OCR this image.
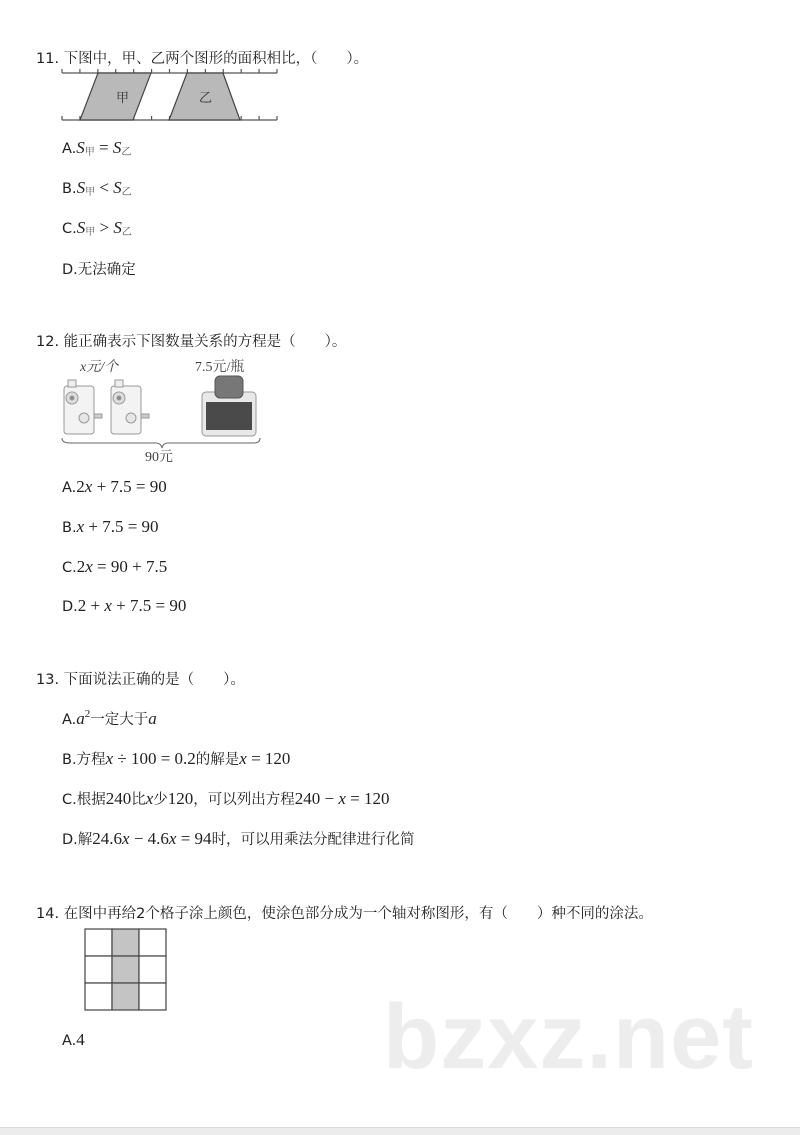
bzxz.net
11. 下图中，甲、乙两个图形的面积相比，（　　）。
甲	乙
$A.S_甲 = S_乙$
$B.S_甲 < S_乙$
$C.S_甲 > S_乙$
D.无法确定
12. 能正确表示下图数量关系的方程是（　　）。
x元/个	7.5元/瓶
90元
A.2x + 7.5 = 90
B.x + 7.5 = 90
C.2x = 90 + 7.5
D.2 + x + 7.5 = 90
13. 下面说法正确的是（　　）。
$A.a^2$一定大于a
B.方程x ÷ 100 = 0.2的解是x = 120
C.根据240比x少120，可以列出方程240 − x = 120
D.解24.6x − 4.6x = 94时，可以用乘法分配律进行化简
14. 在图中再给2个格子涂上颜色，使涂色部分成为一个轴对称图形，有（　　）种不同的涂法。
A.4
